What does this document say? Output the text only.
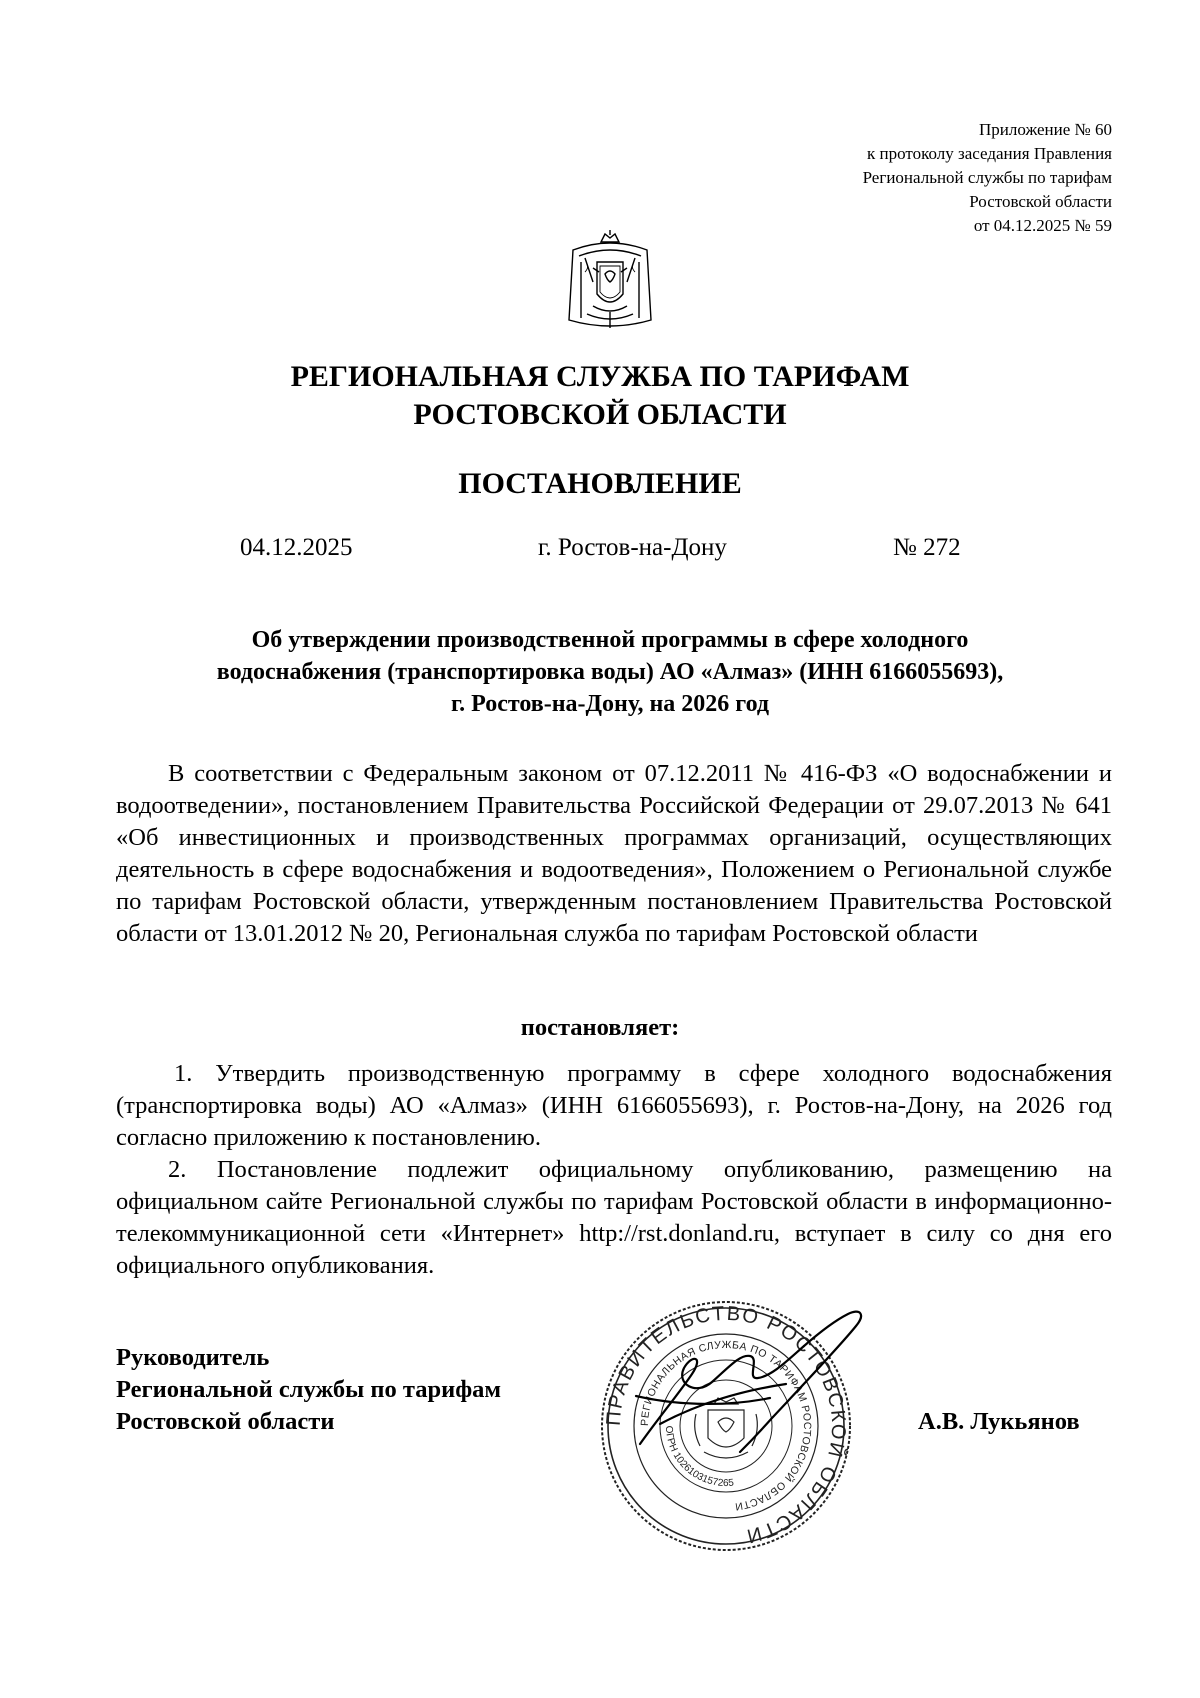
Приложение № 60
к протоколу заседания Правления
Региональной службы по тарифам
Ростовской области
от 04.12.2025 № 59
РЕГИОНАЛЬНАЯ СЛУЖБА ПО ТАРИФАМ
РОСТОВСКОЙ ОБЛАСТИ
ПОСТАНОВЛЕНИЕ
04.12.2025	г. Ростов-на-Дону	№ 272
Об утверждении производственной программы в сфере холодного
водоснабжения (транспортировка воды) АО «Алмаз» (ИНН 6166055693),
г. Ростов-на-Дону, на 2026 год

В соответствии с Федеральным законом от 07.12.2011 № 416-ФЗ «О водоснабжении и водоотведении», постановлением Правительства Российской Федерации от 29.07.2013 № 641 «Об инвестиционных и производственных программах организаций, осуществляющих деятельность в сфере водоснабжения и водоотведения», Положением о Региональной службе по тарифам Ростовской области, утвержденным постановлением Правительства Ростовской области от 13.01.2012 № 20, Региональная служба по тарифам Ростовской области

постановляет:

1. Утвердить производственную программу в сфере холодного водоснабжения (транспортировка воды) АО «Алмаз» (ИНН 6166055693), г. Ростов-на-Дону, на 2026 год согласно приложению к постановлению.

2. Постановление подлежит официальному опубликованию, размещению на официальном сайте Региональной службы по тарифам Ростовской области в информационно-телекоммуникационной сети «Интернет» http://rst.donland.ru, вступает в силу со дня его официального опубликования.

Руководитель
Региональной службы по тарифам
Ростовской области	ПРАВИТЕЛЬСТВО РОСТОВСКОЙ ОБЛАСТИ
РЕГИОНАЛЬНАЯ СЛУЖБА ПО ТАРИФАМ РОСТОВСКОЙ ОБЛАСТИ
ОГРН 1026103157265
А.В. Лукьянов
